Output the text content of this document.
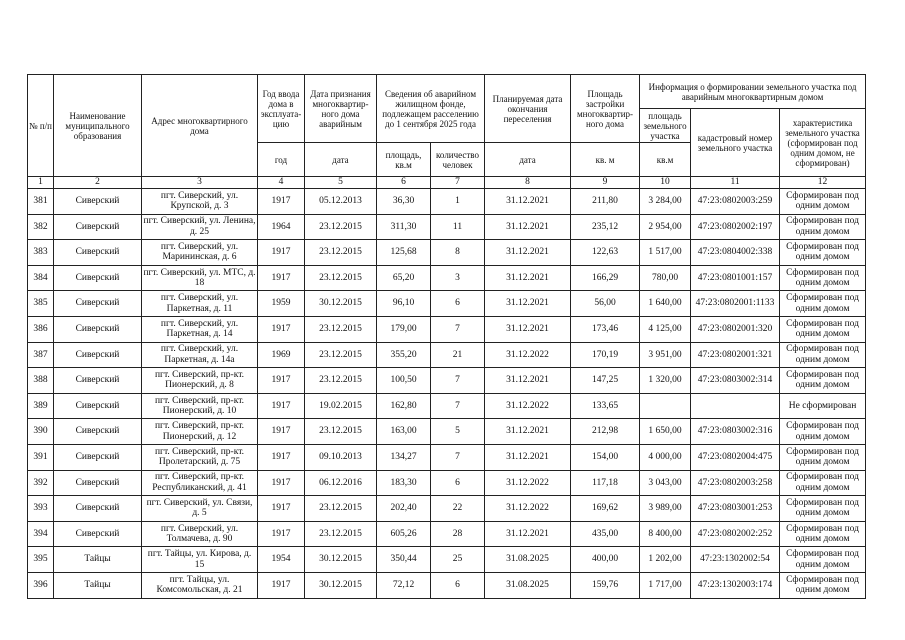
№ п/п	Наименование муниципального образования	Адрес многоквартирного дома	Год ввода дома в эксплуата-цию	Дата признания многоквартир-ного дома аварийным	Сведения об аварийном жилищном фонде, подлежащем расселению до 1 сентября 2025 года		Планируемая дата окончания переселения	Площадь застройки многоквартир-ного дома	Информация о формировании земельного участка под аварийным многоквартирным домом		
									площадь земельного участка	кадастровый номер земельного участка	характеристика земельного участка (сформирован под одним домом, не сформирован)
			год	дата	площадь, кв.м	количество человек	дата	кв. м	кв.м		
1	2	3	4	5	6	7	8	9	10	11	12
381	Сиверский	пгт. Сиверский, ул. Крупской, д. 3	1917	05.12.2013	36,30	1	31.12.2021	211,80	3 284,00	47:23:0802003:259	Сформирован под одним домом
382	Сиверский	пгт. Сиверский, ул. Ленина, д. 25	1964	23.12.2015	311,30	11	31.12.2021	235,12	2 954,00	47:23:0802002:197	Сформирован под одним домом
383	Сиверский	пгт. Сиверский, ул. Марининская, д. 6	1917	23.12.2015	125,68	8	31.12.2021	122,63	1 517,00	47:23:0804002:338	Сформирован под одним домом
384	Сиверский	пгт. Сиверский, ул. МТС, д. 18	1917	23.12.2015	65,20	3	31.12.2021	166,29	780,00	47:23:0801001:157	Сформирован под одним домом
385	Сиверский	пгт. Сиверский, ул. Паркетная, д. 11	1959	30.12.2015	96,10	6	31.12.2021	56,00	1 640,00	47:23:0802001:1133	Сформирован под одним домом
386	Сиверский	пгт. Сиверский, ул. Паркетная, д. 14	1917	23.12.2015	179,00	7	31.12.2021	173,46	4 125,00	47:23:0802001:320	Сформирован под одним домом
387	Сиверский	пгт. Сиверский, ул. Паркетная, д. 14а	1969	23.12.2015	355,20	21	31.12.2022	170,19	3 951,00	47:23:0802001:321	Сформирован под одним домом
388	Сиверский	пгт. Сиверский, пр-кт. Пионерский, д. 8	1917	23.12.2015	100,50	7	31.12.2021	147,25	1 320,00	47:23:0803002:314	Сформирован под одним домом
389	Сиверский	пгт. Сиверский, пр-кт. Пионерский, д. 10	1917	19.02.2015	162,80	7	31.12.2022	133,65			Не сформирован
390	Сиверский	пгт. Сиверский, пр-кт. Пионерский, д. 12	1917	23.12.2015	163,00	5	31.12.2021	212,98	1 650,00	47:23:0803002:316	Сформирован под одним домом
391	Сиверский	пгт. Сиверский, пр-кт. Пролетарский, д. 75	1917	09.10.2013	134,27	7	31.12.2021	154,00	4 000,00	47:23:0802004:475	Сформирован под одним домом
392	Сиверский	пгт. Сиверский, пр-кт. Республиканский, д. 41	1917	06.12.2016	183,30	6	31.12.2022	117,18	3 043,00	47:23:0802003:258	Сформирован под одним домом
393	Сиверский	пгт. Сиверский, ул. Связи, д. 5	1917	23.12.2015	202,40	22	31.12.2022	169,62	3 989,00	47:23:0803001:253	Сформирован под одним домом
394	Сиверский	пгт. Сиверский, ул. Толмачева, д. 90	1917	23.12.2015	605,26	28	31.12.2021	435,00	8 400,00	47:23:0802002:252	Сформирован под одним домом
395	Тайцы	пгт. Тайцы, ул. Кирова, д. 15	1954	30.12.2015	350,44	25	31.08.2025	400,00	1 202,00	47:23:1302002:54	Сформирован под одним домом
396	Тайцы	пгт. Тайцы, ул. Комсомольская, д. 21	1917	30.12.2015	72,12	6	31.08.2025	159,76	1 717,00	47:23:1302003:174	Сформирован под одним домом
